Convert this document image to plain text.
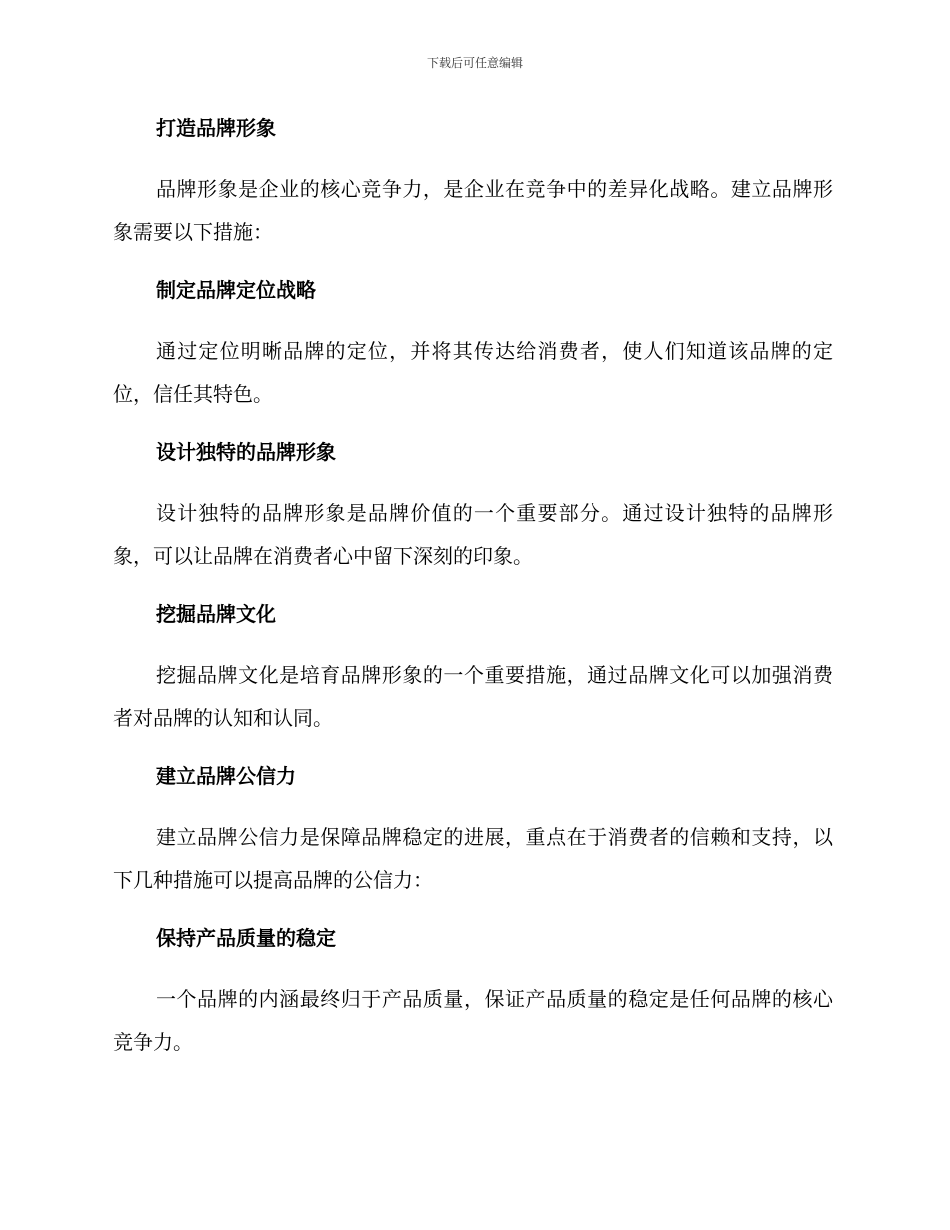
下载后可任意编辑
打造品牌形象
品牌形象是企业的核心竞争力，是企业在竞争中的差异化战略。建立品牌形象需要以下措施：
制定品牌定位战略
通过定位明晰品牌的定位，并将其传达给消费者，使人们知道该品牌的定位，信任其特色。
设计独特的品牌形象
设计独特的品牌形象是品牌价值的一个重要部分。通过设计独特的品牌形象，可以让品牌在消费者心中留下深刻的印象。
挖掘品牌文化
挖掘品牌文化是培育品牌形象的一个重要措施，通过品牌文化可以加强消费者对品牌的认知和认同。
建立品牌公信力
建立品牌公信力是保障品牌稳定的进展，重点在于消费者的信赖和支持，以下几种措施可以提高品牌的公信力：
保持产品质量的稳定
一个品牌的内涵最终归于产品质量，保证产品质量的稳定是任何品牌的核心竞争力。
